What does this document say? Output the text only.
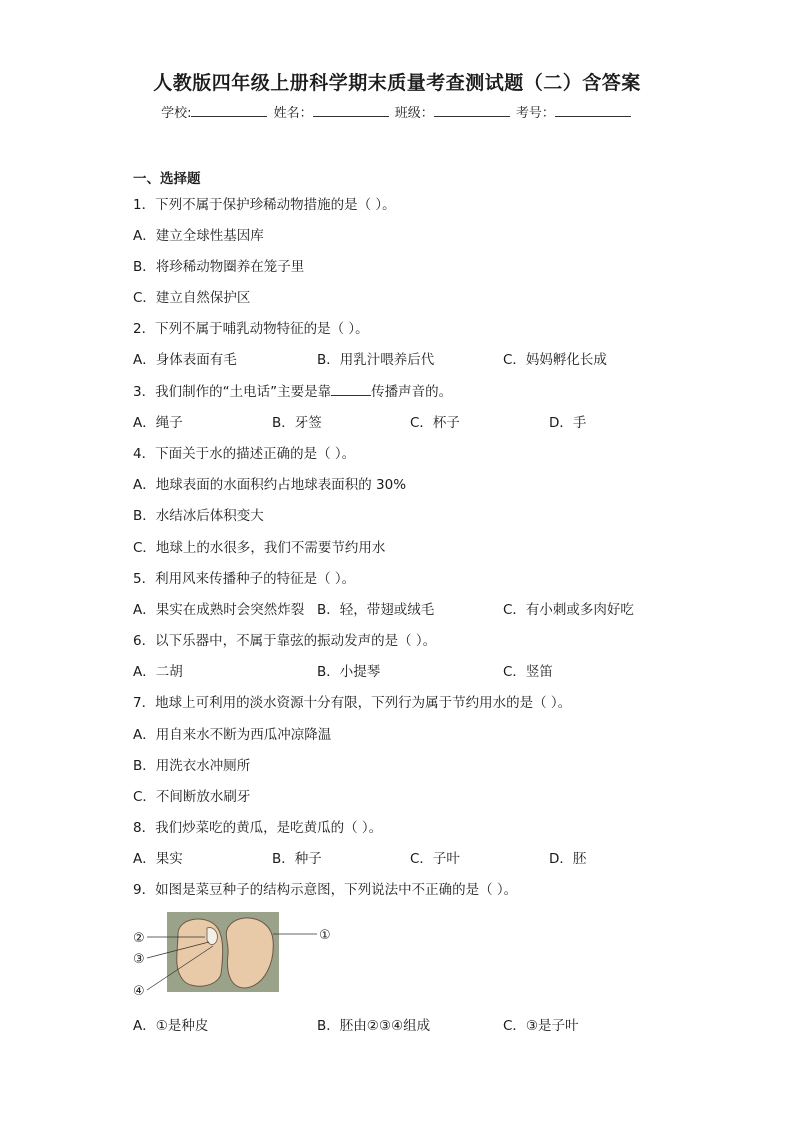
人教版四年级上册科学期末质量考查测试题（二）含答案
学校:	姓名：	班级：	考号：
一、选择题
1．下列不属于保护珍稀动物措施的是（ ）。
A．建立全球性基因库
B．将珍稀动物圈养在笼子里
C．建立自然保护区
2．下列不属于哺乳动物特征的是（ ）。
A．身体表面有毛	B．用乳汁喂养后代	C．妈妈孵化长成
3．我们制作的“土电话”主要是靠	传播声音的。
A．绳子	B．牙签	C．杯子	D．手
4．下面关于水的描述正确的是（ ）。
A．地球表面的水面积约占地球表面积的 30%
B．水结冰后体积变大
C．地球上的水很多，我们不需要节约用水
5．利用风来传播种子的特征是（ ）。
A．果实在成熟时会突然炸裂 B．轻，带翅或绒毛	C．有小刺或多肉好吃
6．以下乐器中，不属于靠弦的振动发声的是（ ）。
A．二胡	B．小提琴	C．竖笛
7．地球上可利用的淡水资源十分有限，下列行为属于节约用水的是（ ）。
A．用自来水不断为西瓜冲凉降温
B．用洗衣水冲厕所
C．不间断放水刷牙
8．我们炒菜吃的黄瓜，是吃黄瓜的（ ）。
A．果实	B．种子	C．子叶	D．胚
9．如图是菜豆种子的结构示意图，下列说法中不正确的是（ ）。
①
②
③
④
A．①是种皮	B．胚由②③④组成	C．③是子叶
